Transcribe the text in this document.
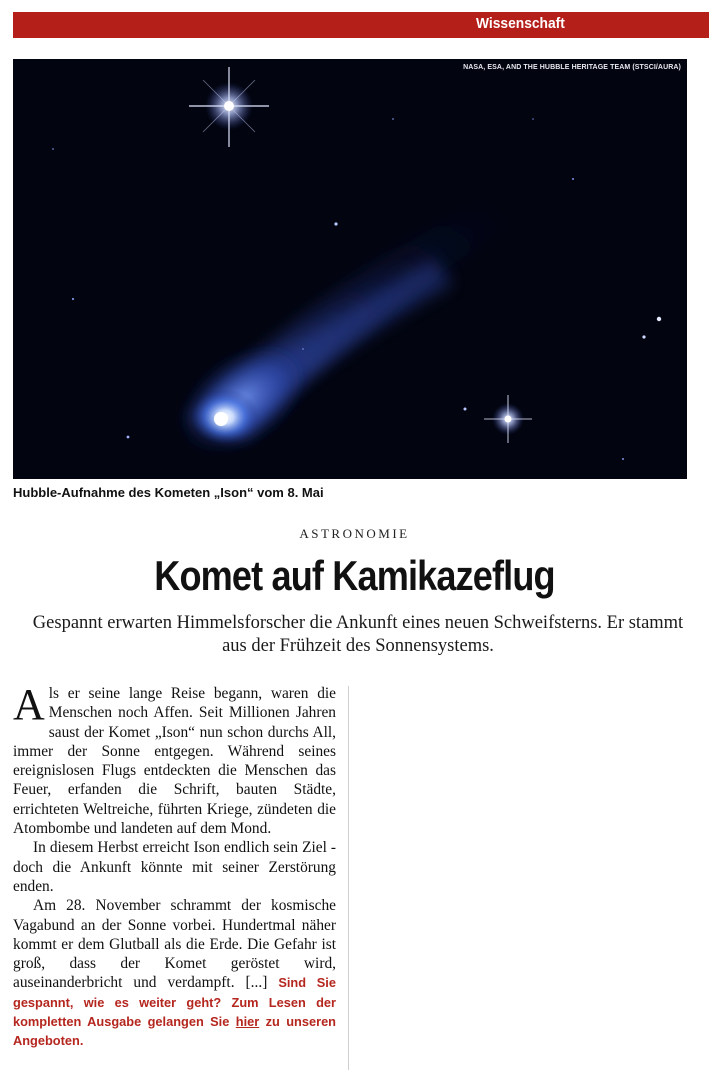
Wissenschaft
NASA, ESA, AND THE HUBBLE HERITAGE TEAM (STSCI/AURA)
Hubble-Aufnahme des Kometen „Ison“ vom 8. Mai
ASTRONOMIE
Komet auf Kamikazeflug
Gespannt erwarten Himmelsforscher die Ankunft eines neuen Schweifsterns. Er stammt aus der Frühzeit des Sonnensystems.

Als er seine lange Reise begann, waren die Menschen noch Affen. Seit Millionen Jahren saust der Komet „Ison“ nun schon durchs All, immer der Sonne entgegen. Während seines ereignislosen Flugs entdeckten die Menschen das Feuer, erfanden die Schrift, bauten Städte, errichteten Weltreiche, führten Kriege, zündeten die Atombombe und landeten auf dem Mond.

In diesem Herbst erreicht Ison endlich sein Ziel - doch die Ankunft könnte mit seiner Zerstörung enden.

Am 28. November schrammt der kosmische Vagabund an der Sonne vorbei. Hundertmal näher kommt er dem Glutball als die Erde. Die Gefahr ist groß, dass der Komet geröstet wird, auseinanderbricht und verdampft. [...] Sind Sie gespannt, wie es weiter geht? Zum Lesen der kompletten Ausgabe gelangen Sie hier zu unseren Angeboten.
